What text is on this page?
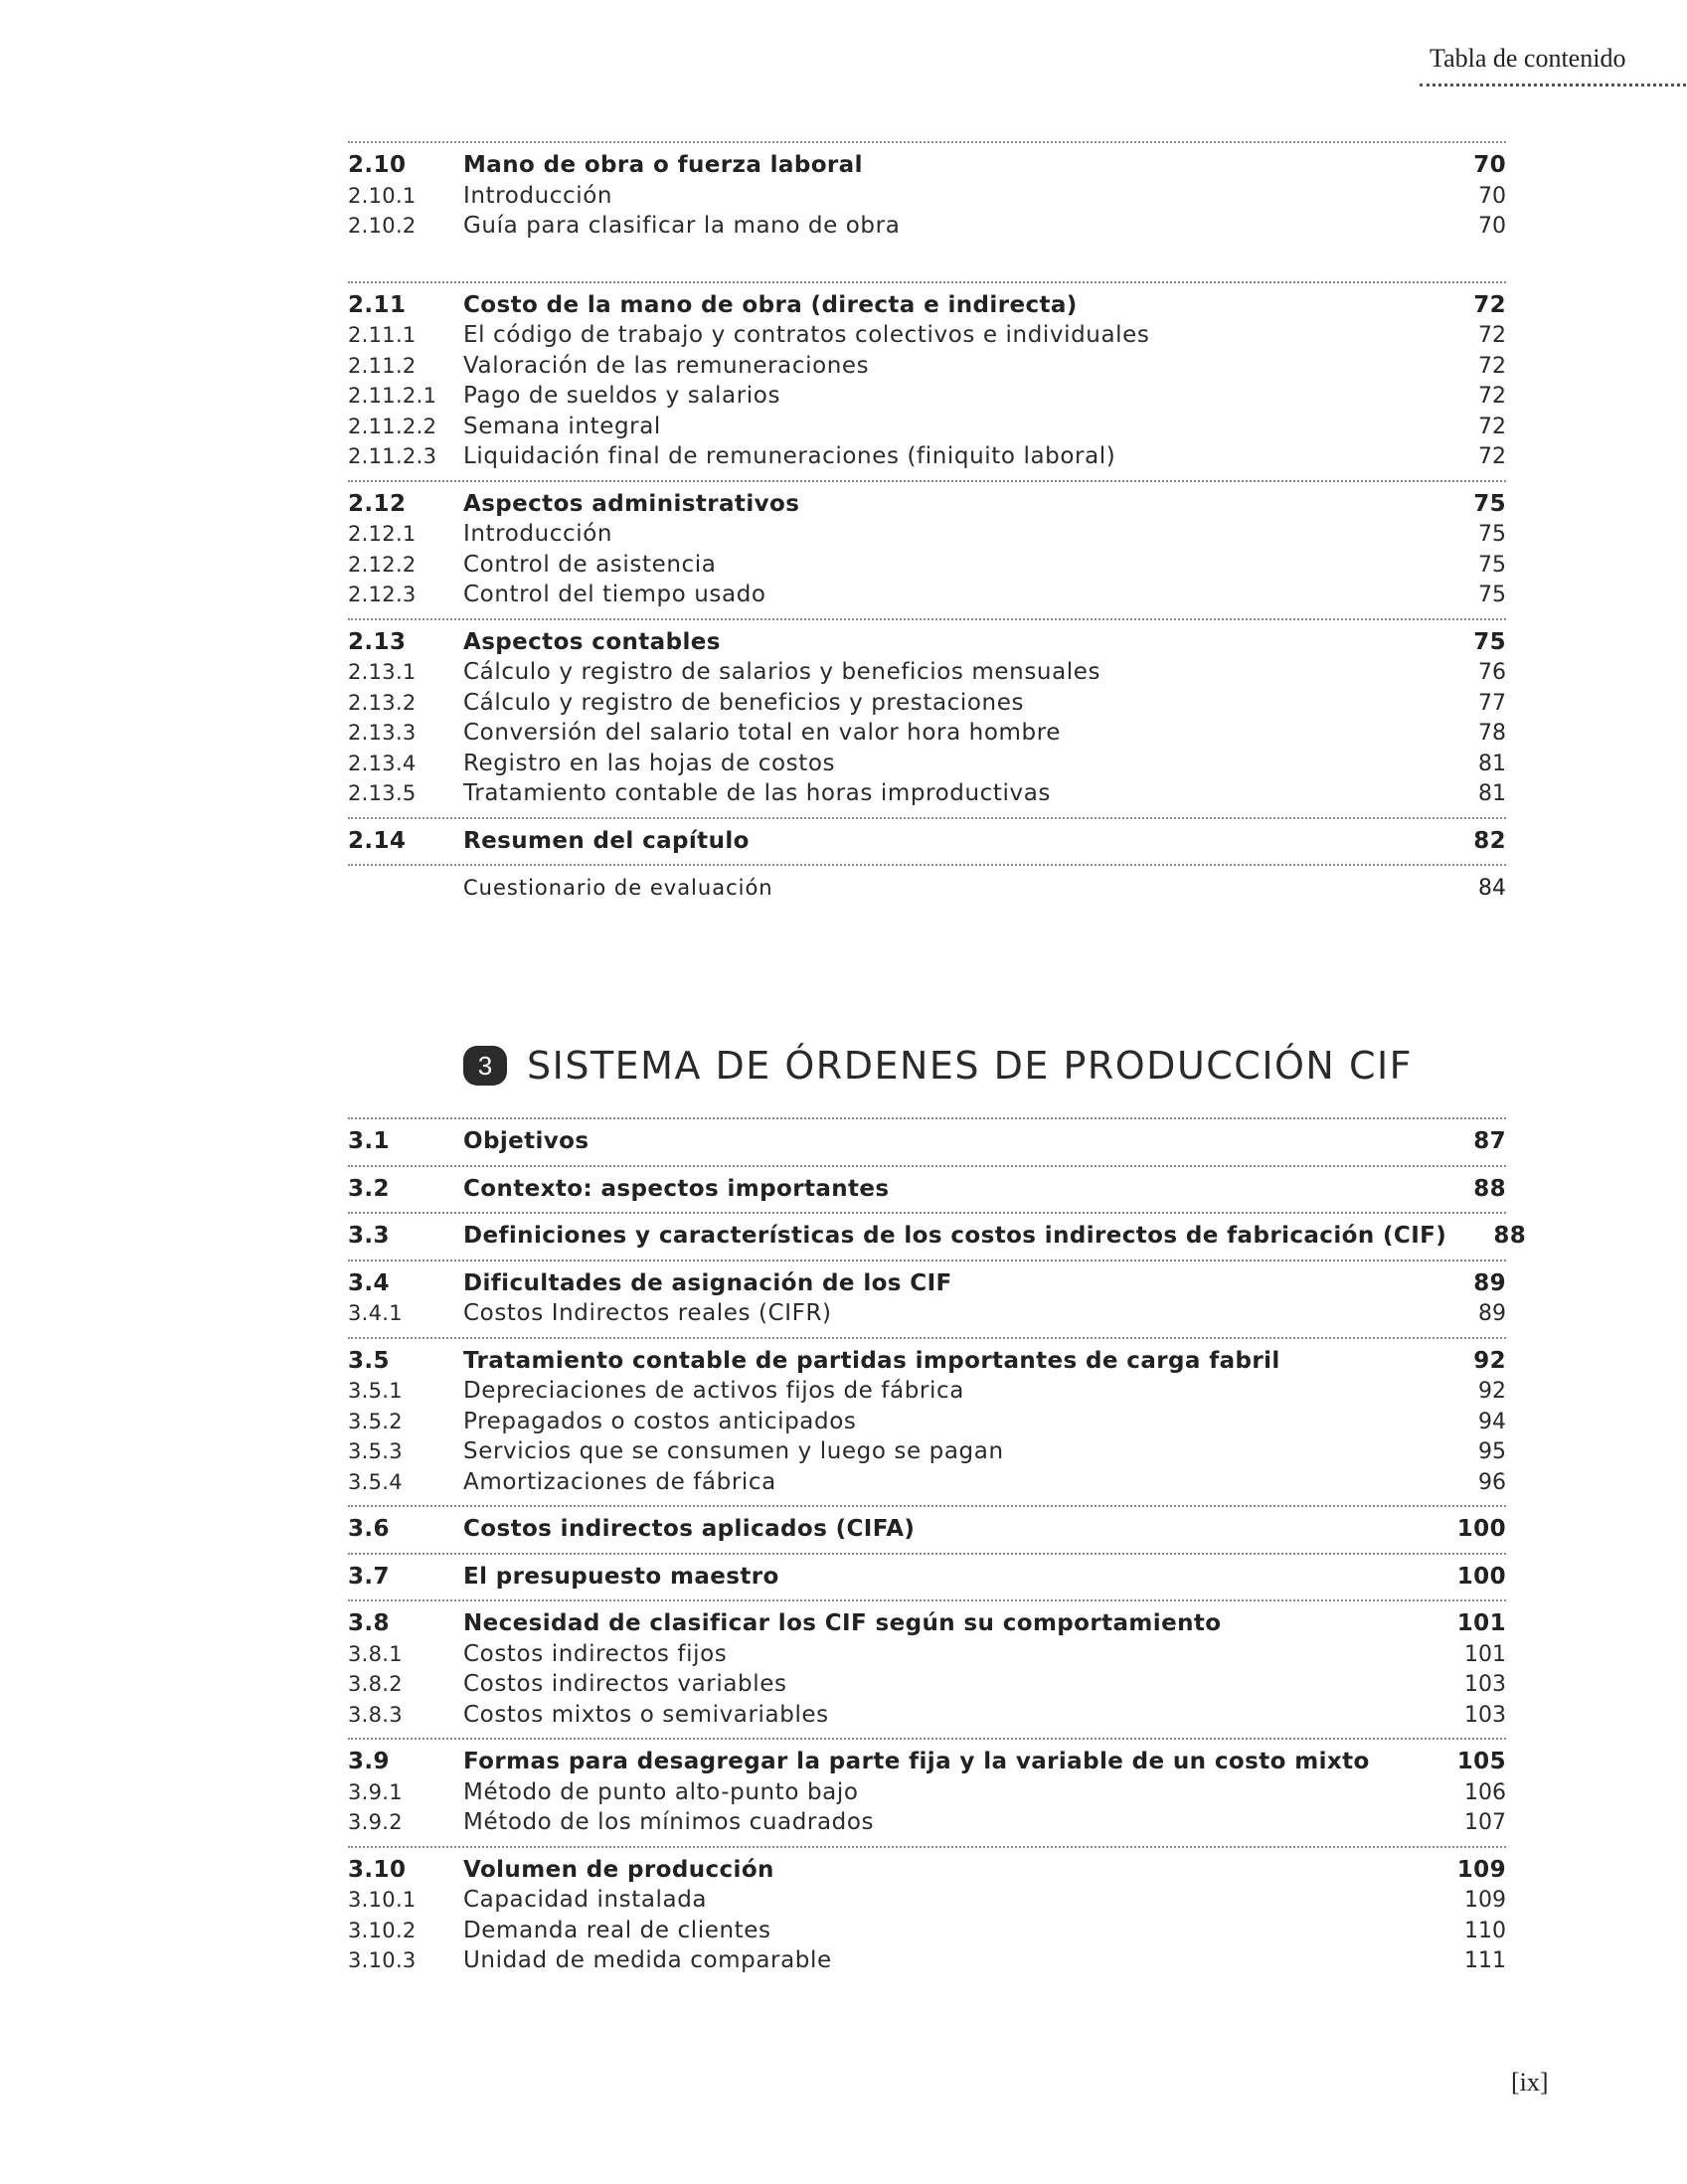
Tabla de contenido
2.10	Mano de obra o fuerza laboral	70
2.10.1	Introducción	70
2.10.2	Guía para clasificar la mano de obra	70
2.11	Costo de la mano de obra (directa e indirecta)	72
2.11.1	El código de trabajo y contratos colectivos e individuales	72
2.11.2	Valoración de las remuneraciones	72
2.11.2.1	Pago de sueldos y salarios	72
2.11.2.2	Semana integral	72
2.11.2.3	Liquidación final de remuneraciones (finiquito laboral)	72
2.12	Aspectos administrativos	75
2.12.1	Introducción	75
2.12.2	Control de asistencia	75
2.12.3	Control del tiempo usado	75
2.13	Aspectos contables	75
2.13.1	Cálculo y registro de salarios y beneficios mensuales	76
2.13.2	Cálculo y registro de beneficios y prestaciones	77
2.13.3	Conversión del salario total en valor hora hombre	78
2.13.4	Registro en las hojas de costos	81
2.13.5	Tratamiento contable de las horas improductivas	81
2.14	Resumen del capítulo	82
Cuestionario de evaluación	84
3 SISTEMA DE ÓRDENES DE PRODUCCIÓN CIF
3.1	Objetivos	87
3.2	Contexto: aspectos importantes	88
3.3	Definiciones y características de los costos indirectos de fabricación (CIF)	88
3.4	Dificultades de asignación de los CIF	89
3.4.1	Costos Indirectos reales (CIFR)	89
3.5	Tratamiento contable de partidas importantes de carga fabril	92
3.5.1	Depreciaciones de activos fijos de fábrica	92
3.5.2	Prepagados o costos anticipados	94
3.5.3	Servicios que se consumen y luego se pagan	95
3.5.4	Amortizaciones de fábrica	96
3.6	Costos indirectos aplicados (CIFA)	100
3.7	El presupuesto maestro	100
3.8	Necesidad de clasificar los CIF según su comportamiento	101
3.8.1	Costos indirectos fijos	101
3.8.2	Costos indirectos variables	103
3.8.3	Costos mixtos o semivariables	103
3.9	Formas para desagregar la parte fija y la variable de un costo mixto	105
3.9.1	Método de punto alto-punto bajo	106
3.9.2	Método de los mínimos cuadrados	107
3.10	Volumen de producción	109
3.10.1	Capacidad instalada	109
3.10.2	Demanda real de clientes	110
3.10.3	Unidad de medida comparable	111
[ix]
